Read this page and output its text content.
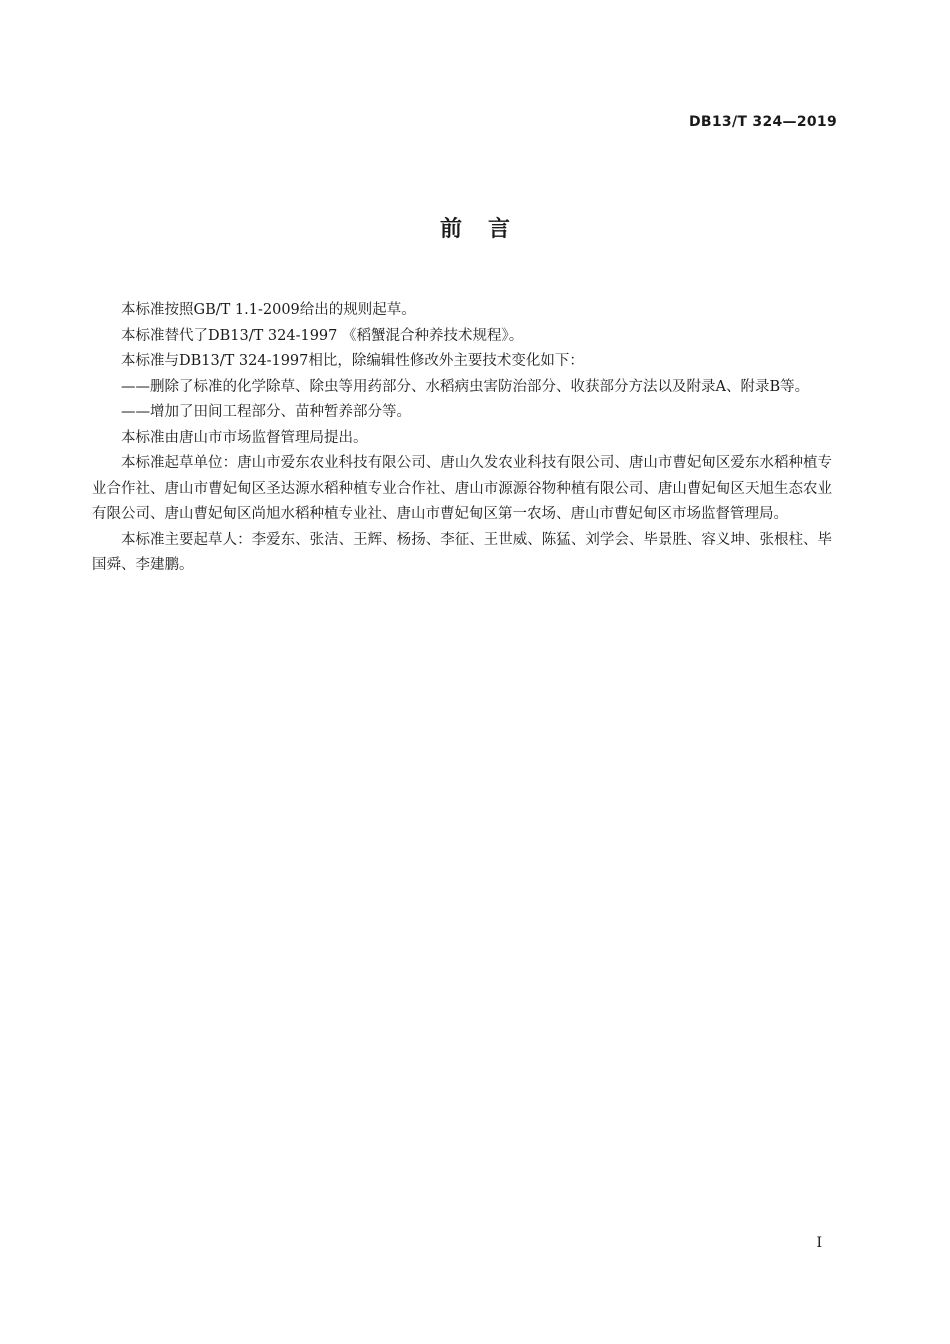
DB13/T 324—2019
前言

本标准按照GB/T 1.1-2009给出的规则起草。

本标准替代了DB13/T 324-1997 《稻蟹混合种养技术规程》。

本标准与DB13/T 324-1997相比，除编辑性修改外主要技术变化如下：

——删除了标准的化学除草、除虫等用药部分、水稻病虫害防治部分、收获部分方法以及附录A、附录B等。

——增加了田间工程部分、苗种暂养部分等。

本标准由唐山市市场监督管理局提出。

本标准起草单位：唐山市爱东农业科技有限公司、唐山久发农业科技有限公司、唐山市曹妃甸区爱东水稻种植专业合作社、唐山市曹妃甸区圣达源水稻种植专业合作社、唐山市源源谷物种植有限公司、唐山曹妃甸区天旭生态农业有限公司、唐山曹妃甸区尚旭水稻种植专业社、唐山市曹妃甸区第一农场、唐山市曹妃甸区市场监督管理局。

本标准主要起草人：李爱东、张洁、王辉、杨扬、李征、王世威、陈猛、刘学会、毕景胜、容义坤、张根柱、毕国舜、李建鹏。

I
